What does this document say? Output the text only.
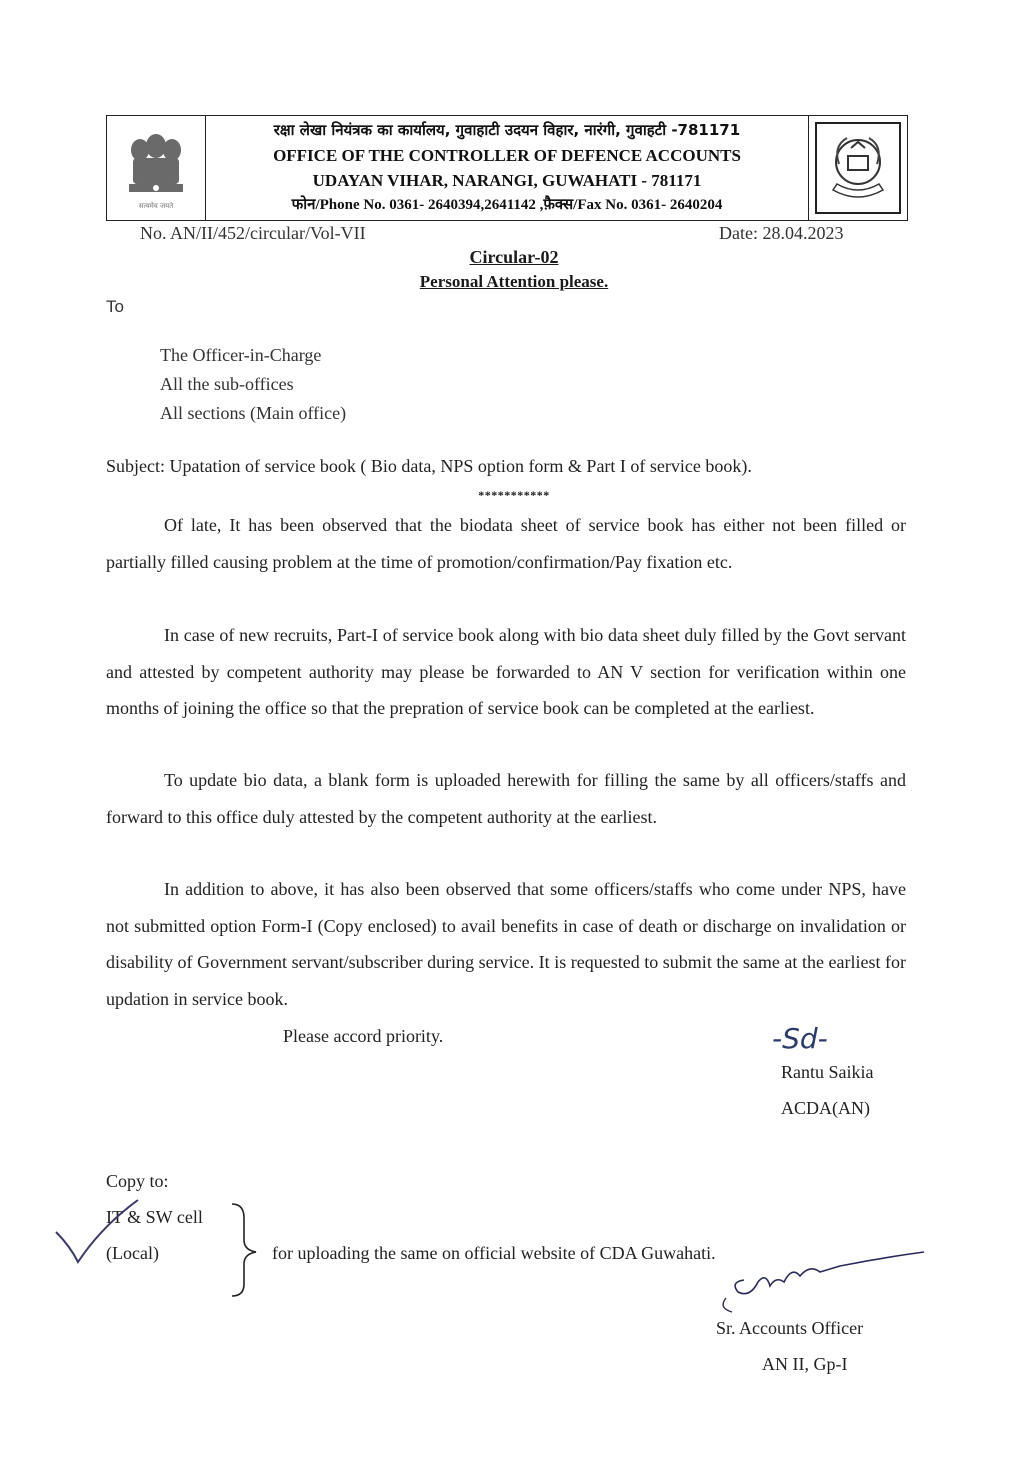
सत्यमेव जयते
रक्षा लेखा नियंत्रक का कार्यालय, गुवाहाटी उदयन विहार, नारंगी, गुवाहटी -781171
OFFICE OF THE CONTROLLER OF DEFENCE ACCOUNTS
UDAYAN VIHAR, NARANGI, GUWAHATI - 781171
फोन/Phone No. 0361- 2640394,2641142 ,फ़ैक्स/Fax No. 0361- 2640204
No. AN/II/452/circular/Vol-VII	Date: 28.04.2023
Circular-02
Personal Attention please.
To
The Officer-in-Charge
All the sub-offices
All sections (Main office)
Subject: Upatation of service book ( Bio data, NPS option form & Part I of service book).
***********
Of late, It has been observed that the biodata sheet of service book has either not been filled or partially filled causing problem at the time of promotion/confirmation/Pay fixation etc.
In case of new recruits, Part-I of service book along with bio data sheet duly filled by the Govt servant and attested by competent authority may please be forwarded to AN V section for verification within one months of joining the office so that the prepration of service book can be completed at the earliest.
To update bio data, a blank form is uploaded herewith for filling the same by all officers/staffs and forward to this office duly attested by the competent authority at the earliest.
In addition to above, it has also been observed that some officers/staffs who come under NPS, have not submitted option Form-I (Copy enclosed) to avail benefits in case of death or discharge on invalidation or disability of Government servant/subscriber during service. It is requested to submit the same at the earliest for updation in service book.
Please accord priority.	-Sd-
Rantu Saikia
ACDA(AN)
Copy to:
IT & SW cell
(Local)	for uploading the same on official website of CDA Guwahati.
Sr. Accounts Officer
AN II, Gp-I
